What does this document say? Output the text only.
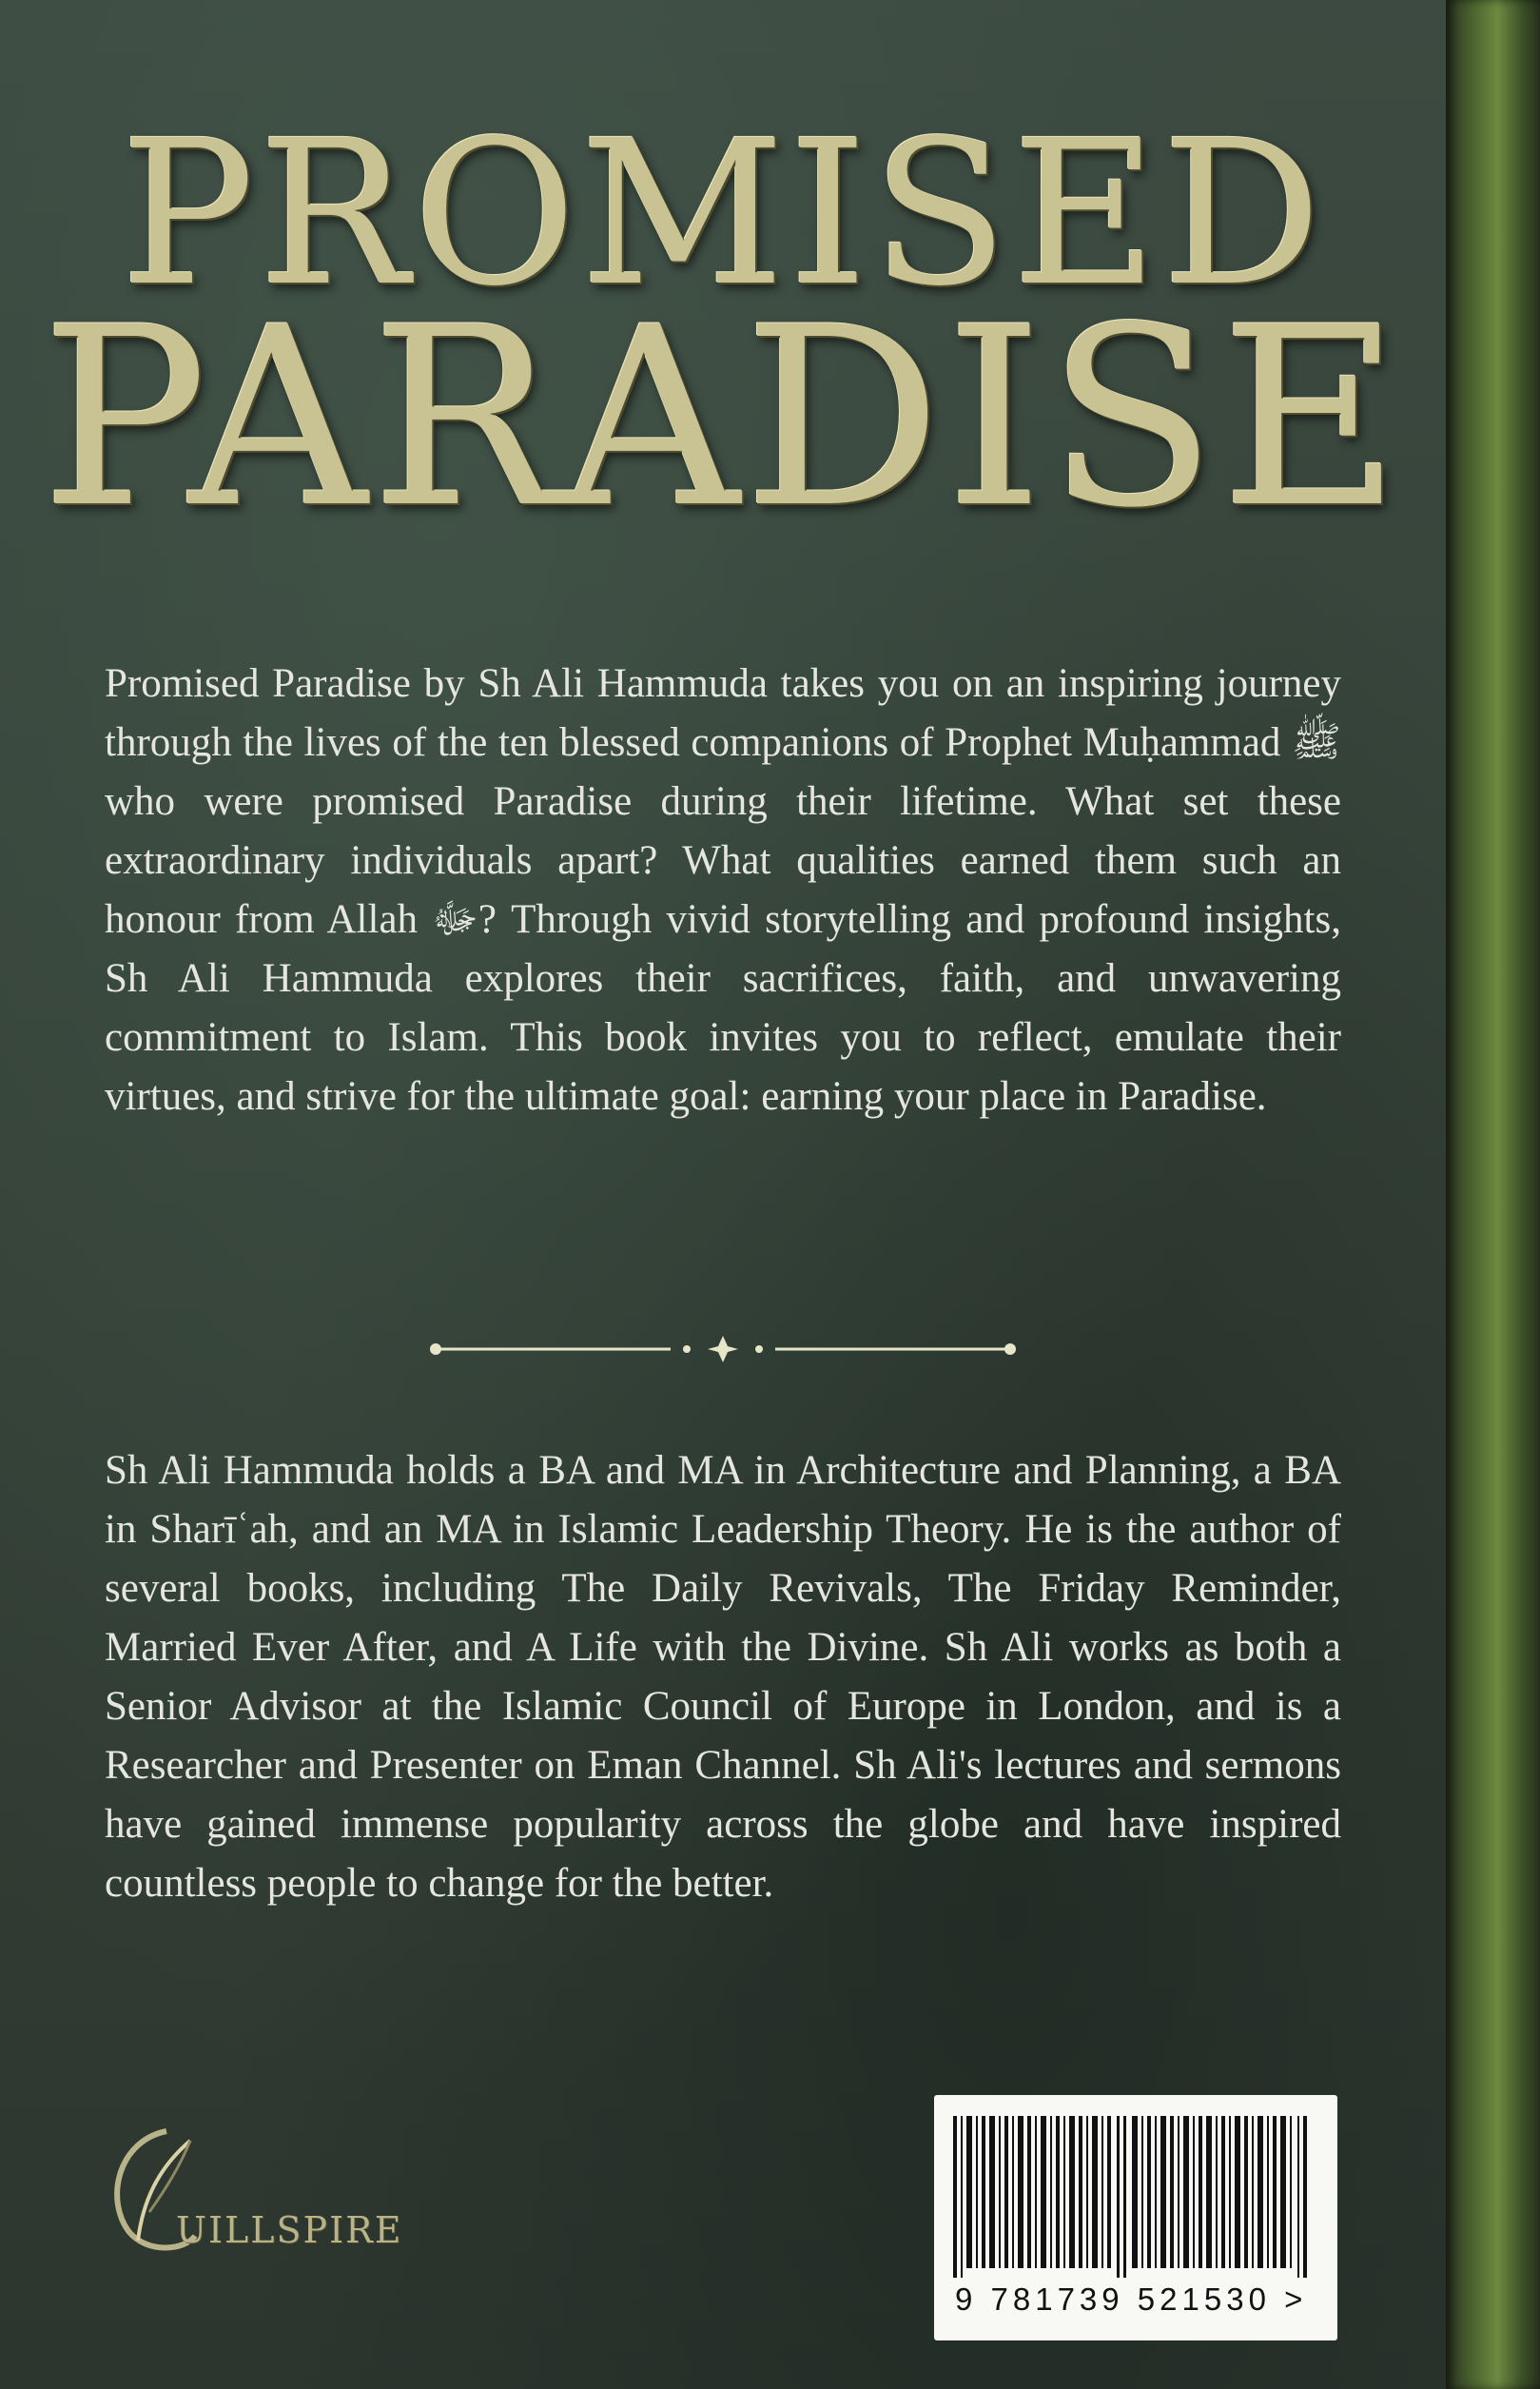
PROMISED
PARADISE
Promised Paradise by Sh Ali Hammuda takes you on an inspiring journey through the lives of the ten blessed companions of Prophet Muḥammad ﷺ who were promised Paradise during their lifetime. What set these extraordinary individuals apart? What qualities earned them such an honour from Allah ﷻ? Through vivid storytelling and profound insights, Sh Ali Hammuda explores their sacrifices, faith, and unwavering commitment to Islam. This book invites you to reflect, emulate their virtues, and strive for the ultimate goal: earning your place in Paradise.
Sh Ali Hammuda holds a BA and MA in Architecture and Planning, a BA in Sharīʿah, and an MA in Islamic Leadership Theory. He is the author of several books, including The Daily Revivals, The Friday Reminder, Married Ever After, and A Life with the Divine. Sh Ali works as both a Senior Advisor at the Islamic Council of Europe in London, and is a Researcher and Presenter on Eman Channel. Sh Ali's lectures and sermons have gained immense popularity across the globe and have inspired countless people to change for the better.
UILLSPIRE
9 781739 521530 >
